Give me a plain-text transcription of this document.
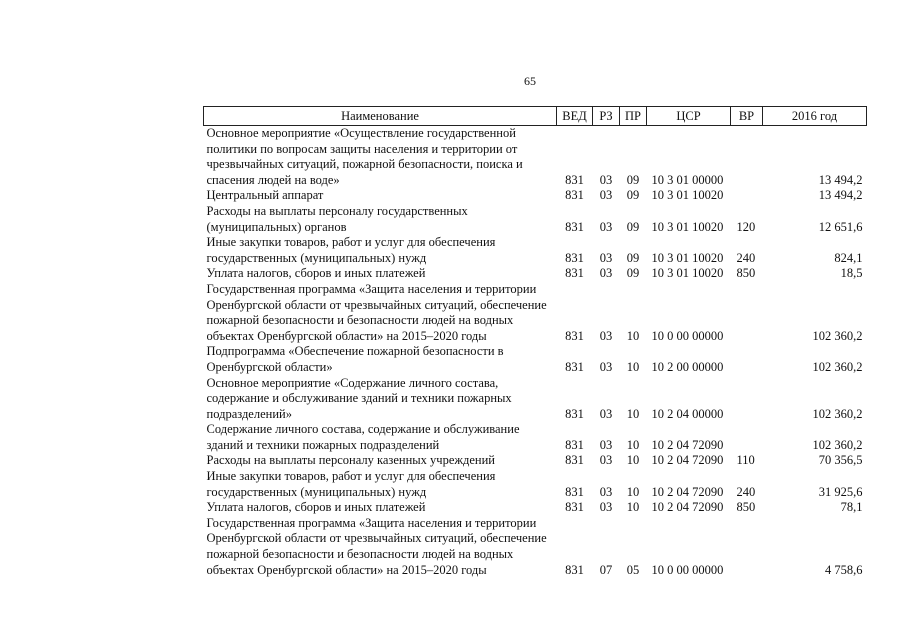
65
Наименование	ВЕД	РЗ	ПР	ЦСР	ВР	2016 год
Основное мероприятие «Осуществление государственной политики по вопросам защиты населения и территории от чрезвычайных ситуаций, пожарной безопасности, поиска и спасения людей на воде»	831	03	09	10 3 01 00000		13 494,2
Центральный аппарат	831	03	09	10 3 01 10020		13 494,2
Расходы на выплаты персоналу государственных (муниципальных) органов	831	03	09	10 3 01 10020	120	12 651,6
Иные закупки товаров, работ и услуг для обеспечения государственных (муниципальных) нужд	831	03	09	10 3 01 10020	240	824,1
Уплата налогов, сборов и иных платежей	831	03	09	10 3 01 10020	850	18,5
Государственная программа «Защита населения и территории Оренбургской области от чрезвычайных ситуаций, обеспечение пожарной безопасности и безопасности людей на водных объектах Оренбургской области» на 2015–2020 годы	831	03	10	10 0 00 00000		102 360,2
Подпрограмма «Обеспечение пожарной безопасности в Оренбургской области»	831	03	10	10 2 00 00000		102 360,2
Основное мероприятие «Содержание личного состава, содержание и обслуживание зданий и техники пожарных подразделений»	831	03	10	10 2 04 00000		102 360,2
Содержание личного состава, содержание и обслуживание зданий и техники пожарных подразделений	831	03	10	10 2 04 72090		102 360,2
Расходы на выплаты персоналу казенных учреждений	831	03	10	10 2 04 72090	110	70 356,5
Иные закупки товаров, работ и услуг для обеспечения государственных (муниципальных) нужд	831	03	10	10 2 04 72090	240	31 925,6
Уплата налогов, сборов и иных платежей	831	03	10	10 2 04 72090	850	78,1
Государственная программа «Защита населения и территории Оренбургской области от чрезвычайных ситуаций, обеспечение пожарной безопасности и безопасности людей на водных объектах Оренбургской области» на 2015–2020 годы	831	07	05	10 0 00 00000		4 758,6
